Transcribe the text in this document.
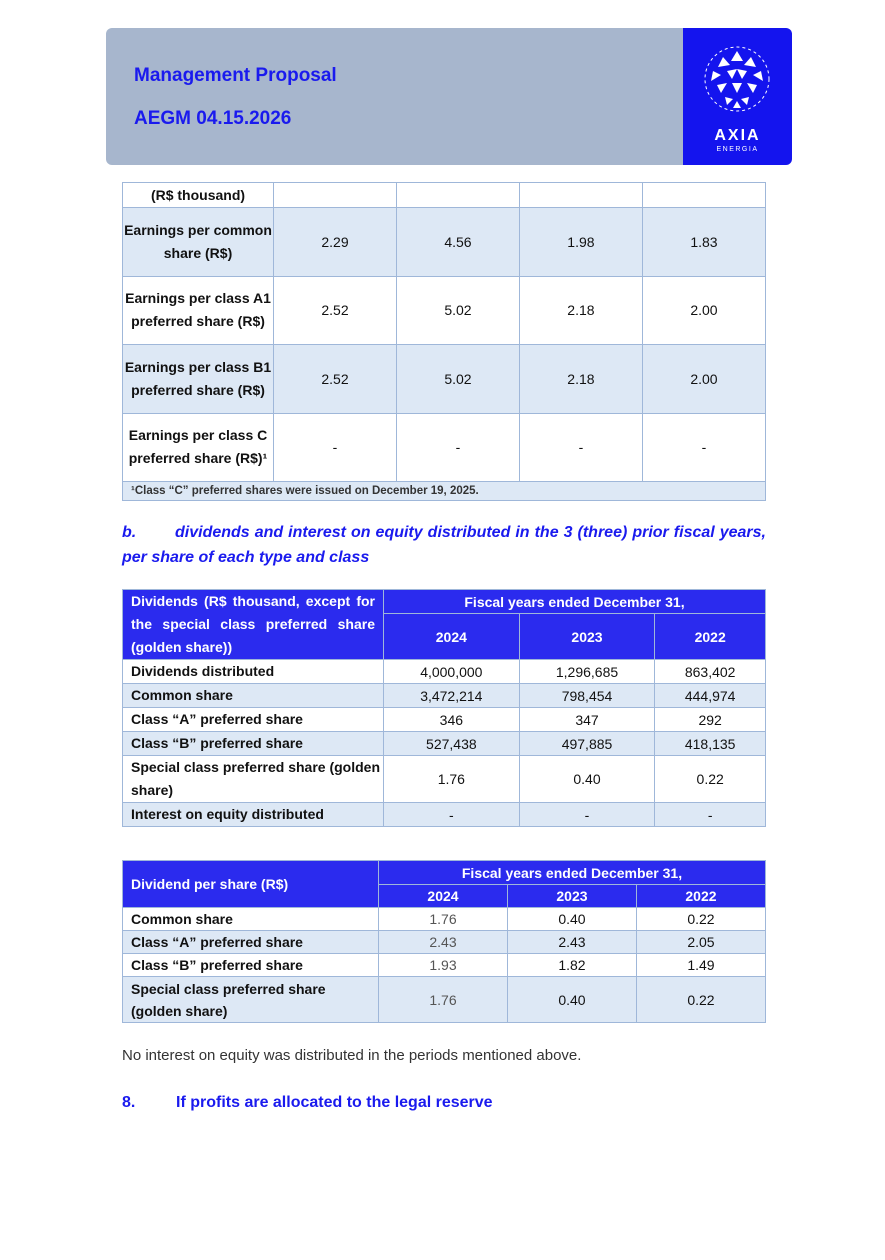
Management Proposal
AEGM 04.15.2026
AXIA
ENERGIA
(R$ thousand)				
Earnings per common share (R$)	2.29	4.56	1.98	1.83
Earnings per class A1 preferred share (R$)	2.52	5.02	2.18	2.00
Earnings per class B1 preferred share (R$)	2.52	5.02	2.18	2.00
Earnings per class C preferred share (R$)¹	-	-	-	-
¹Class “C” preferred shares were issued on December 19, 2025.				
b. dividends and interest on equity distributed in the 3 (three) prior fiscal years, per share of each type and class
Dividends (R$ thousand, except for the special class preferred share (golden share))	Fiscal years ended December 31,		
	2024	2023	2022
Dividends distributed	4,000,000	1,296,685	863,402
Common share	3,472,214	798,454	444,974
Class “A” preferred share	346	347	292
Class “B” preferred share	527,438	497,885	418,135
Special class preferred share (golden share)	1.76	0.40	0.22
Interest on equity distributed	-	-	-
Dividend per share (R$)	Fiscal years ended December 31,		
	2024	2023	2022
Common share	1.76	0.40	0.22
Class “A” preferred share	2.43	2.43	2.05
Class “B” preferred share	1.93	1.82	1.49
Special class preferred share (golden share)	1.76	0.40	0.22
No interest on equity was distributed in the periods mentioned above.
8.	If profits are allocated to the legal reserve
